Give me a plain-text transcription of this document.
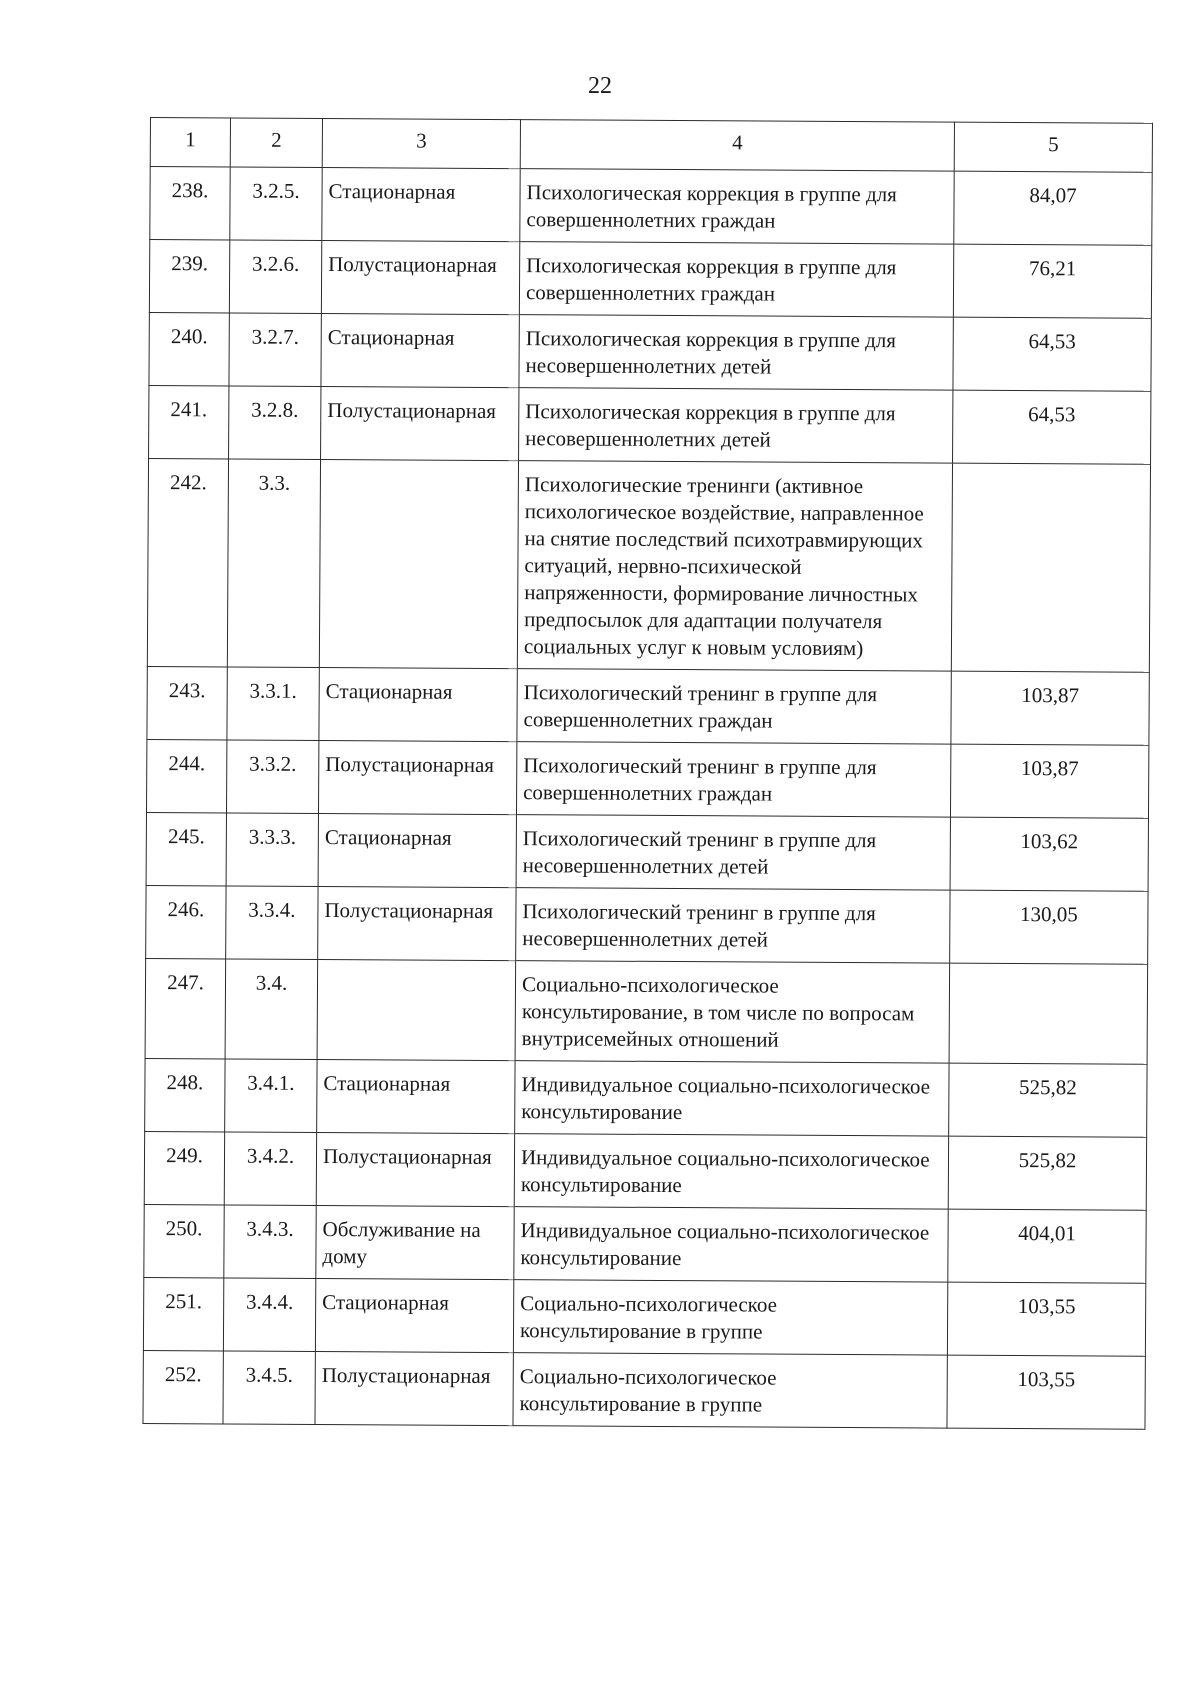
22
1	2	3	4	5
238.	3.2.5.	Стационарная	Психологическая коррекция в группе для совершеннолетних граждан	84,07
239.	3.2.6.	Полустационарная	Психологическая коррекция в группе для совершеннолетних граждан	76,21
240.	3.2.7.	Стационарная	Психологическая коррекция в группе для несовершеннолетних детей	64,53
241.	3.2.8.	Полустационарная	Психологическая коррекция в группе для несовершеннолетних детей	64,53
242.	3.3.		Психологические тренинги (активное психологическое воздействие, направленное на снятие последствий психотравмирующих ситуаций, нервно-психической напряженности, формирование личностных предпосылок для адаптации получателя социальных услуг к новым условиям)	
243.	3.3.1.	Стационарная	Психологический тренинг в группе для совершеннолетних граждан	103,87
244.	3.3.2.	Полустационарная	Психологический тренинг в группе для совершеннолетних граждан	103,87
245.	3.3.3.	Стационарная	Психологический тренинг в группе для несовершеннолетних детей	103,62
246.	3.3.4.	Полустационарная	Психологический тренинг в группе для несовершеннолетних детей	130,05
247.	3.4.		Социально-психологическое консультирование, в том числе по вопросам внутрисемейных отношений	
248.	3.4.1.	Стационарная	Индивидуальное социально-психологическое консультирование	525,82
249.	3.4.2.	Полустационарная	Индивидуальное социально-психологическое консультирование	525,82
250.	3.4.3.	Обслуживание на дому	Индивидуальное социально-психологическое консультирование	404,01
251.	3.4.4.	Стационарная	Социально-психологическое консультирование в группе	103,55
252.	3.4.5.	Полустационарная	Социально-психологическое консультирование в группе	103,55
